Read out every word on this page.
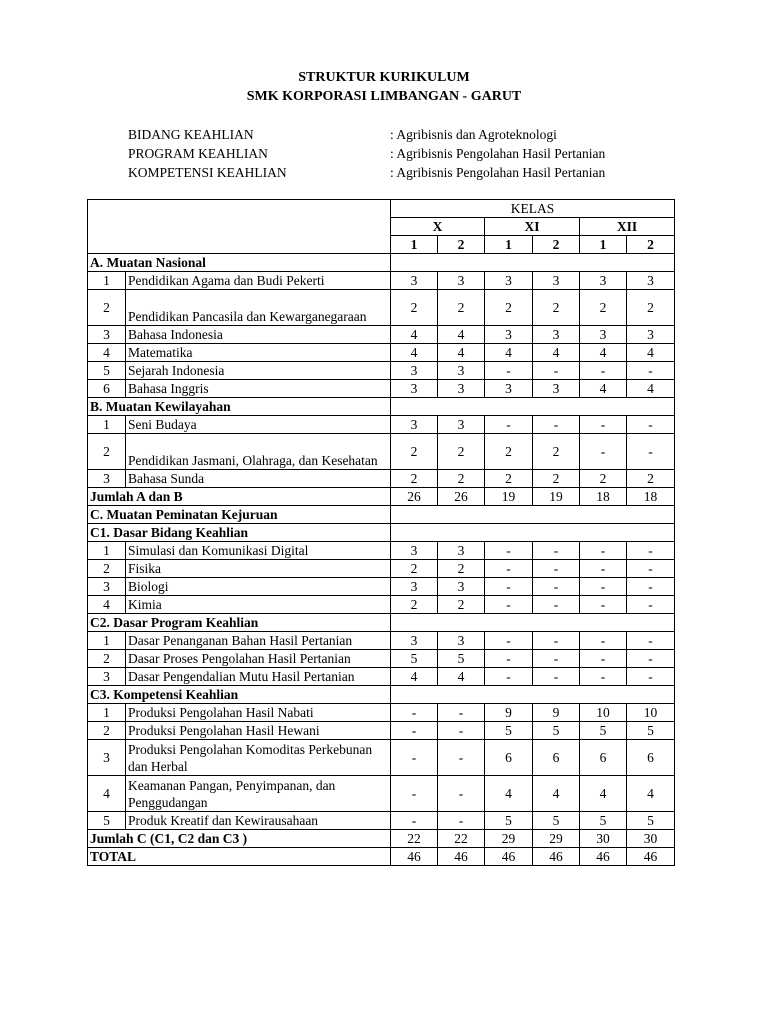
STRUKTUR KURIKULUM
SMK KORPORASI LIMBANGAN - GARUT
BIDANG KEAHLIAN	: Agribisnis dan Agroteknologi
PROGRAM KEAHLIAN	: Agribisnis Pengolahan Hasil Pertanian
KOMPETENSI KEAHLIAN	: Agribisnis Pengolahan Hasil Pertanian
		KELAS					
		X		XI		XII	
		1	2	1	2	1	2
A. Muatan Nasional							
1	Pendidikan Agama dan Budi Pekerti	3	3	3	3	3	3
2	Pendidikan Pancasila dan Kewarganegaraan	2	2	2	2	2	2
3	Bahasa Indonesia	4	4	3	3	3	3
4	Matematika	4	4	4	4	4	4
5	Sejarah Indonesia	3	3	-	-	-	-
6	Bahasa Inggris	3	3	3	3	4	4
B. Muatan Kewilayahan							
1	Seni Budaya	3	3	-	-	-	-
2	Pendidikan Jasmani, Olahraga, dan Kesehatan	2	2	2	2	-	-
3	Bahasa Sunda	2	2	2	2	2	2
Jumlah A dan B		26	26	19	19	18	18
C. Muatan Peminatan Kejuruan							
C1. Dasar Bidang Keahlian							
1	Simulasi dan Komunikasi Digital	3	3	-	-	-	-
2	Fisika	2	2	-	-	-	-
3	Biologi	3	3	-	-	-	-
4	Kimia	2	2	-	-	-	-
C2. Dasar Program Keahlian							
1	Dasar Penanganan Bahan Hasil Pertanian	3	3	-	-	-	-
2	Dasar Proses Pengolahan Hasil Pertanian	5	5	-	-	-	-
3	Dasar Pengendalian Mutu Hasil Pertanian	4	4	-	-	-	-
C3. Kompetensi Keahlian							
1	Produksi Pengolahan Hasil Nabati	-	-	9	9	10	10
2	Produksi Pengolahan Hasil Hewani	-	-	5	5	5	5
3	Produksi Pengolahan Komoditas Perkebunan dan Herbal	-	-	6	6	6	6
4	Keamanan Pangan, Penyimpanan, dan Penggudangan	-	-	4	4	4	4
5	Produk Kreatif dan Kewirausahaan	-	-	5	5	5	5
Jumlah C (C1, C2 dan C3 )		22	22	29	29	30	30
TOTAL		46	46	46	46	46	46
